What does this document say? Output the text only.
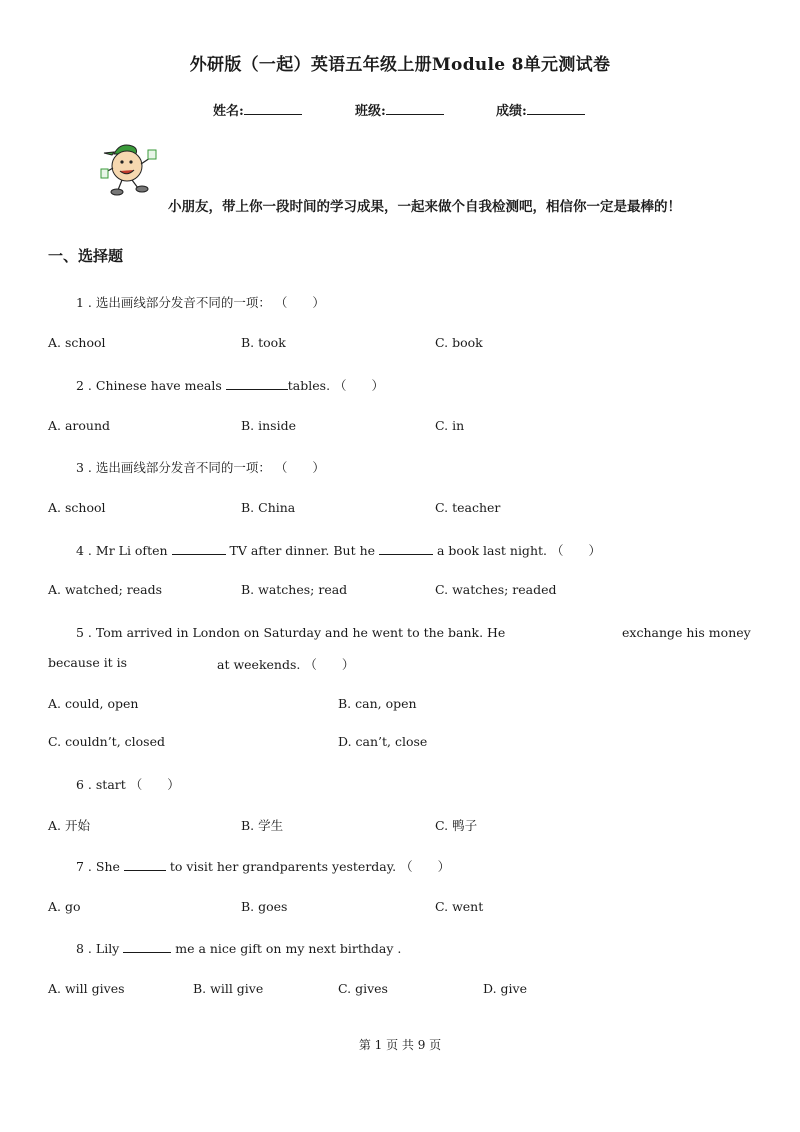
外研版（一起）英语五年级上册Module 8单元测试卷
姓名:	班级:	成绩:
小朋友，带上你一段时间的学习成果，一起来做个自我检测吧，相信你一定是最棒的！
一、选择题
1 . 选出画线部分发音不同的一项： （　　）
A. school	B. took	C. book
2 . Chinese have meals	tables. （　　）
A. around	B. inside	C. in
3 . 选出画线部分发音不同的一项： （　　）
A. school	B. China	C. teacher
4 . Mr Li often	TV after dinner. But he	a book last night. （　　）
A. watched; reads	B. watches; read	C. watches; readed
5 . Tom arrived in London on Saturday and he went to the bank. He	exchange his money
because it is	at weekends. （　　）
A. could, open	B. can, open
C. couldn’t, closed	D. can’t, close
6 . start （　　）
A. 开始	B. 学生	C. 鸭子
7 . She	to visit her grandparents yesterday. （　　）
A. go	B. goes	C. went
8 . Lily	me a nice gift on my next birthday .
A. will gives	B. will give	C. gives	D. give
第 1 页 共 9 页
